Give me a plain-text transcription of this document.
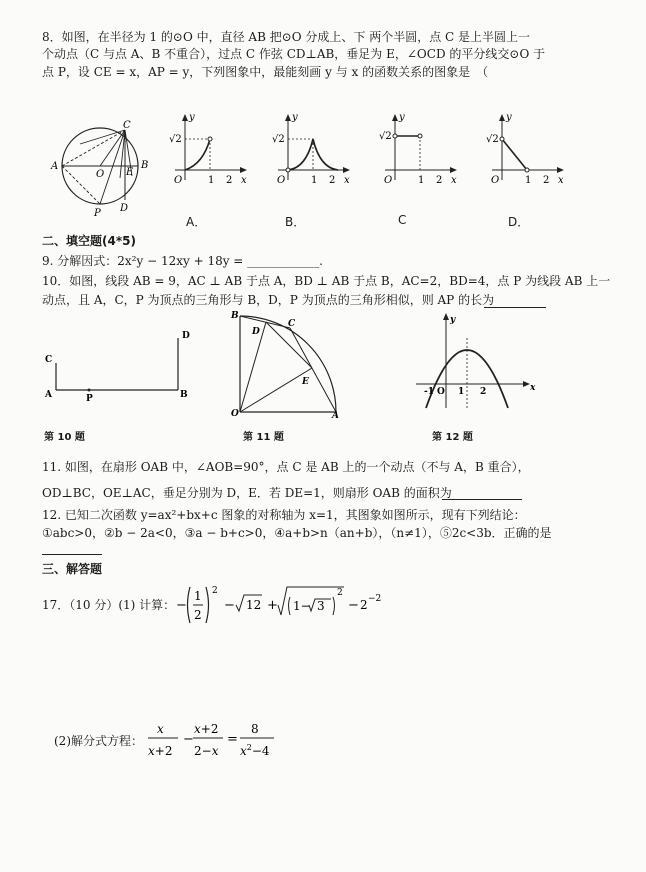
8．如图，在半径为 1 的⊙O 中，直径 AB 把⊙O 分成上、下 两个半圆，点 C 是上半圆上一
个动点（C 与点 A、B 不重合），过点 C 作弦 CD⊥AB，垂足为 E，∠OCD 的平分线交⊙O 于
点 P，设 CE = x，AP = y，下列图象中，最能刻画 y 与 x 的函数关系的图象是　（
A	B
C
D
E
O
P
y
√2
O	1 2 x
y
√2
O	1 2 x
y
√2
O	1 2 x
y
√2
O	1 2 x
A．	B．	C	D．
二、填空题(4*5)
9. 分解因式：2x²y − 12xy + 18y = ____________.
10．如图，线段 AB = 9，AC ⊥ AB 于点 A，BD ⊥ AB 于点 B，AC=2，BD=4，点 P 为线段 AB 上一
动点，且 A，C，P 为顶点的三角形与 B，D，P 为顶点的三角形相似，则 AP 的长为
C
D
A	P	B
B
D
C
E
O	A
y
x
-1 O 1 2
第 10 题	第 11 题	第 12 题
11. 如图，在扇形 OAB 中，∠AOB=90°，点 C 是 AB 上的一个动点（不与 A，B 重合），
OD⊥BC，OE⊥AC，垂足分别为 D，E．若 DE=1，则扇形 OAB 的面积为
12. 已知二次函数 y=ax²+bx+c 图象的对称轴为 x=1，其图象如图所示，现有下列结论：
①abc>0，②b − 2a<0，③a − b+c>0，④a+b>n（an+b），（n≠1），⑤2c<3b．正确的是
三、解答题
17．（10 分）(1) 计算： −
1
2
2
− 12 + 1− 3
2
− 2 −2
(2)解分式方程：
x
x+2
−
x+2
2−x
=
8
$x^2-4$
